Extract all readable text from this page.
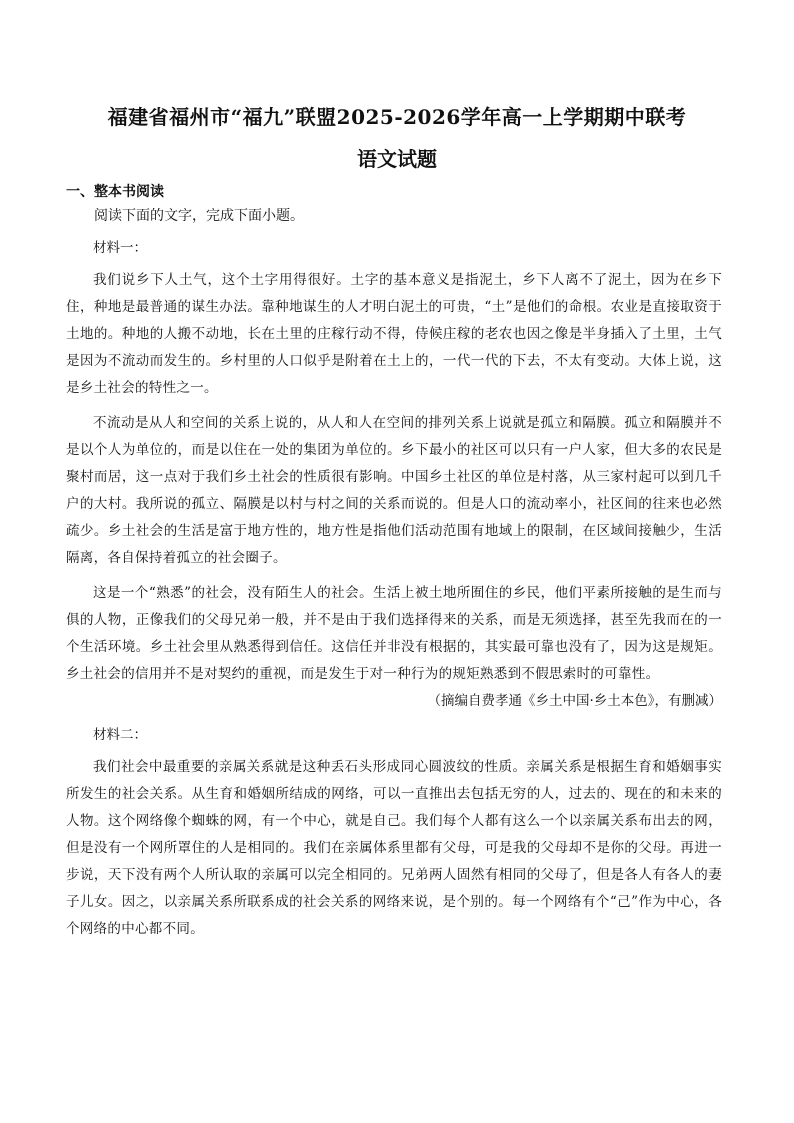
福建省福州市“福九”联盟2025-2026学年高一上学期期中联考
语文试题

一、整本书阅读

阅读下面的文字，完成下面小题。

材料一：

我们说乡下人土气，这个土字用得很好。土字的基本意义是指泥土，乡下人离不了泥土，因为在乡下住，种地是最普通的谋生办法。靠种地谋生的人才明白泥土的可贵，“土”是他们的命根。农业是直接取资于土地的。种地的人搬不动地，长在土里的庄稼行动不得，侍候庄稼的老农也因之像是半身插入了土里，土气是因为不流动而发生的。乡村里的人口似乎是附着在土上的，一代一代的下去，不太有变动。大体上说，这是乡土社会的特性之一。

不流动是从人和空间的关系上说的，从人和人在空间的排列关系上说就是孤立和隔膜。孤立和隔膜并不是以个人为单位的，而是以住在一处的集团为单位的。乡下最小的社区可以只有一户人家，但大多的农民是聚村而居，这一点对于我们乡土社会的性质很有影响。中国乡土社区的单位是村落，从三家村起可以到几千户的大村。我所说的孤立、隔膜是以村与村之间的关系而说的。但是人口的流动率小，社区间的往来也必然疏少。乡土社会的生活是富于地方性的，地方性是指他们活动范围有地域上的限制，在区域间接触少，生活隔离，各自保持着孤立的社会圈子。

这是一个“熟悉”的社会，没有陌生人的社会。生活上被土地所囿住的乡民，他们平素所接触的是生而与俱的人物，正像我们的父母兄弟一般，并不是由于我们选择得来的关系，而是无须选择，甚至先我而在的一个生活环境。乡土社会里从熟悉得到信任。这信任并非没有根据的，其实最可靠也没有了，因为这是规矩。乡土社会的信用并不是对契约的重视，而是发生于对一种行为的规矩熟悉到不假思索时的可靠性。

（摘编自费孝通《乡土中国·乡土本色》，有删减）

材料二：

我们社会中最重要的亲属关系就是这种丢石头形成同心圆波纹的性质。亲属关系是根据生育和婚姻事实所发生的社会关系。从生育和婚姻所结成的网络，可以一直推出去包括无穷的人，过去的、现在的和未来的人物。这个网络像个蜘蛛的网，有一个中心，就是自己。我们每个人都有这么一个以亲属关系布出去的网，但是没有一个网所罩住的人是相同的。我们在亲属体系里都有父母，可是我的父母却不是你的父母。再进一步说，天下没有两个人所认取的亲属可以完全相同的。兄弟两人固然有相同的父母了，但是各人有各人的妻子儿女。因之，以亲属关系所联系成的社会关系的网络来说，是个别的。每一个网络有个“己”作为中心，各个网络的中心都不同。
